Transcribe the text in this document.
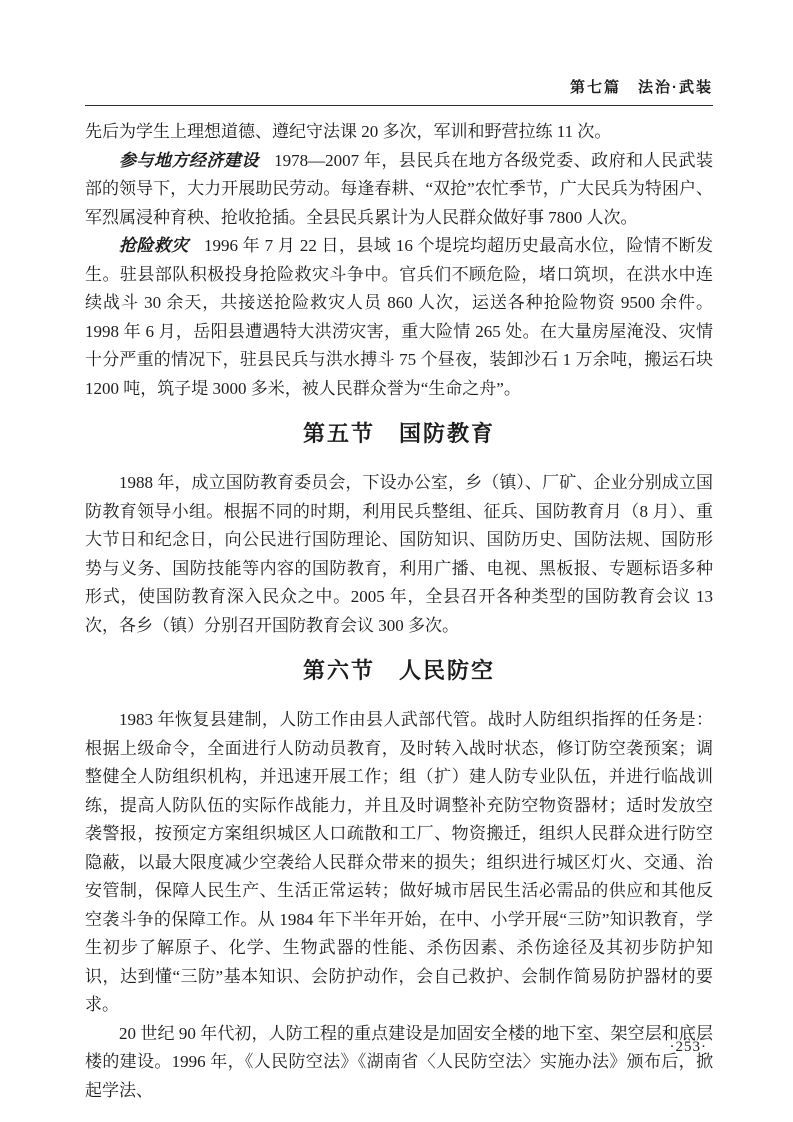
第七篇　法治·武装

先后为学生上理想道德、遵纪守法课 20 多次，军训和野营拉练 11 次。

参与地方经济建设 1978—2007 年，县民兵在地方各级党委、政府和人民武装部的领导下，大力开展助民劳动。每逢春耕、“双抢”农忙季节，广大民兵为特困户、军烈属浸种育秧、抢收抢插。全县民兵累计为人民群众做好事 7800 人次。

抢险救灾 1996 年 7 月 22 日，县域 16 个堤垸均超历史最高水位，险情不断发生。驻县部队积极投身抢险救灾斗争中。官兵们不顾危险，堵口筑坝，在洪水中连续战斗 30 余天，共接送抢险救灾人员 860 人次，运送各种抢险物资 9500 余件。1998 年 6 月，岳阳县遭遇特大洪涝灾害，重大险情 265 处。在大量房屋淹没、灾情十分严重的情况下，驻县民兵与洪水搏斗 75 个昼夜，装卸沙石 1 万余吨，搬运石块 1200 吨，筑子堤 3000 多米，被人民群众誉为“生命之舟”。

第五节　国防教育

1988 年，成立国防教育委员会，下设办公室，乡（镇）、厂矿、企业分别成立国防教育领导小组。根据不同的时期，利用民兵整组、征兵、国防教育月（8 月）、重大节日和纪念日，向公民进行国防理论、国防知识、国防历史、国防法规、国防形势与义务、国防技能等内容的国防教育，利用广播、电视、黑板报、专题标语多种形式，使国防教育深入民众之中。2005 年，全县召开各种类型的国防教育会议 13 次，各乡（镇）分别召开国防教育会议 300 多次。

第六节　人民防空

1983 年恢复县建制，人防工作由县人武部代管。战时人防组织指挥的任务是：根据上级命令，全面进行人防动员教育，及时转入战时状态，修订防空袭预案；调整健全人防组织机构，并迅速开展工作；组（扩）建人防专业队伍，并进行临战训练，提高人防队伍的实际作战能力，并且及时调整补充防空物资器材；适时发放空袭警报，按预定方案组织城区人口疏散和工厂、物资搬迁，组织人民群众进行防空隐蔽，以最大限度减少空袭给人民群众带来的损失；组织进行城区灯火、交通、治安管制，保障人民生产、生活正常运转；做好城市居民生活必需品的供应和其他反空袭斗争的保障工作。从 1984 年下半年开始，在中、小学开展“三防”知识教育，学生初步了解原子、化学、生物武器的性能、杀伤因素、杀伤途径及其初步防护知识，达到懂“三防”基本知识、会防护动作，会自己救护、会制作简易防护器材的要求。

20 世纪 90 年代初，人防工程的重点建设是加固安全楼的地下室、架空层和底层楼的建设。1996 年，《人民防空法》《湖南省〈人民防空法〉实施办法》颁布后，掀起学法、

·253·
